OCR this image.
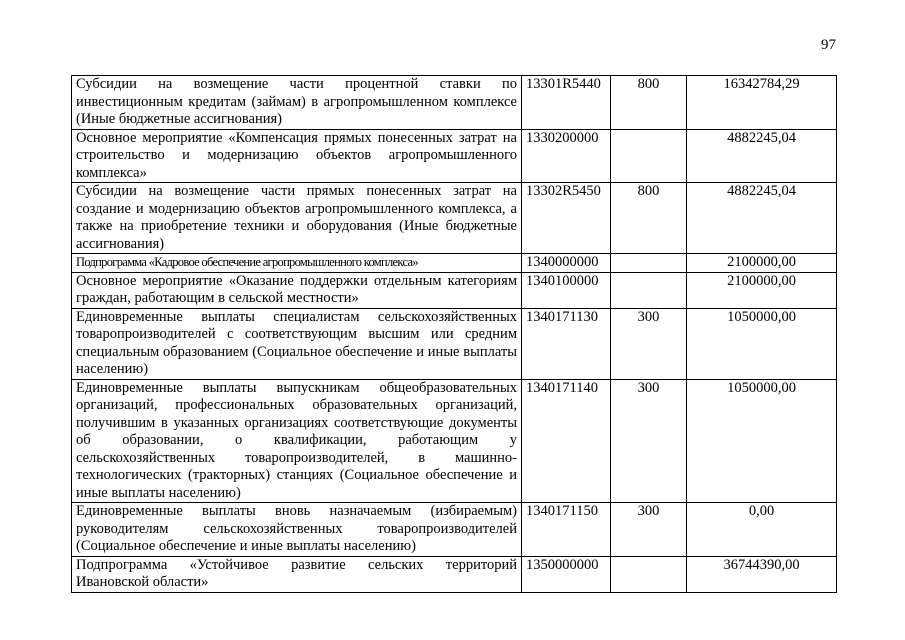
97
Субсидии на возмещение части процентной ставки по инвестиционным кредитам (займам) в агропромышленном комплексе (Иные бюджетные ассигнования)	13301R5440	800	16342784,29
Основное мероприятие «Компенсация прямых понесенных затрат на строительство и модернизацию объектов агропромышленного комплекса»	1330200000		4882245,04
Субсидии на возмещение части прямых понесенных затрат на создание и модернизацию объектов агропромышленного комплекса, а также на приобретение техники и оборудования (Иные бюджетные ассигнования)	13302R5450	800	4882245,04
Подпрограмма «Кадровое обеспечение агропромышленного комплекса»	1340000000		2100000,00
Основное мероприятие «Оказание поддержки отдельным категориям граждан, работающим в сельской местности»	1340100000		2100000,00
Единовременные выплаты специалистам сельскохозяйственных товаропроизводителей с соответствующим высшим или средним специальным образованием (Социальное обеспечение и иные выплаты населению)	1340171130	300	1050000,00
Единовременные выплаты выпускникам общеобразовательных организаций, профессиональных образовательных организаций, получившим в указанных организациях соответствующие документы об образовании, о квалификации, работающим у сельскохозяйственных товаропроизводителей, в машинно-технологических (тракторных) станциях (Социальное обеспечение и иные выплаты населению)	1340171140	300	1050000,00
Единовременные выплаты вновь назначаемым (избираемым) руководителям сельскохозяйственных товаропроизводителей (Социальное обеспечение и иные выплаты населению)	1340171150	300	0,00
Подпрограмма «Устойчивое развитие сельских территорий Ивановской области»	1350000000		36744390,00
